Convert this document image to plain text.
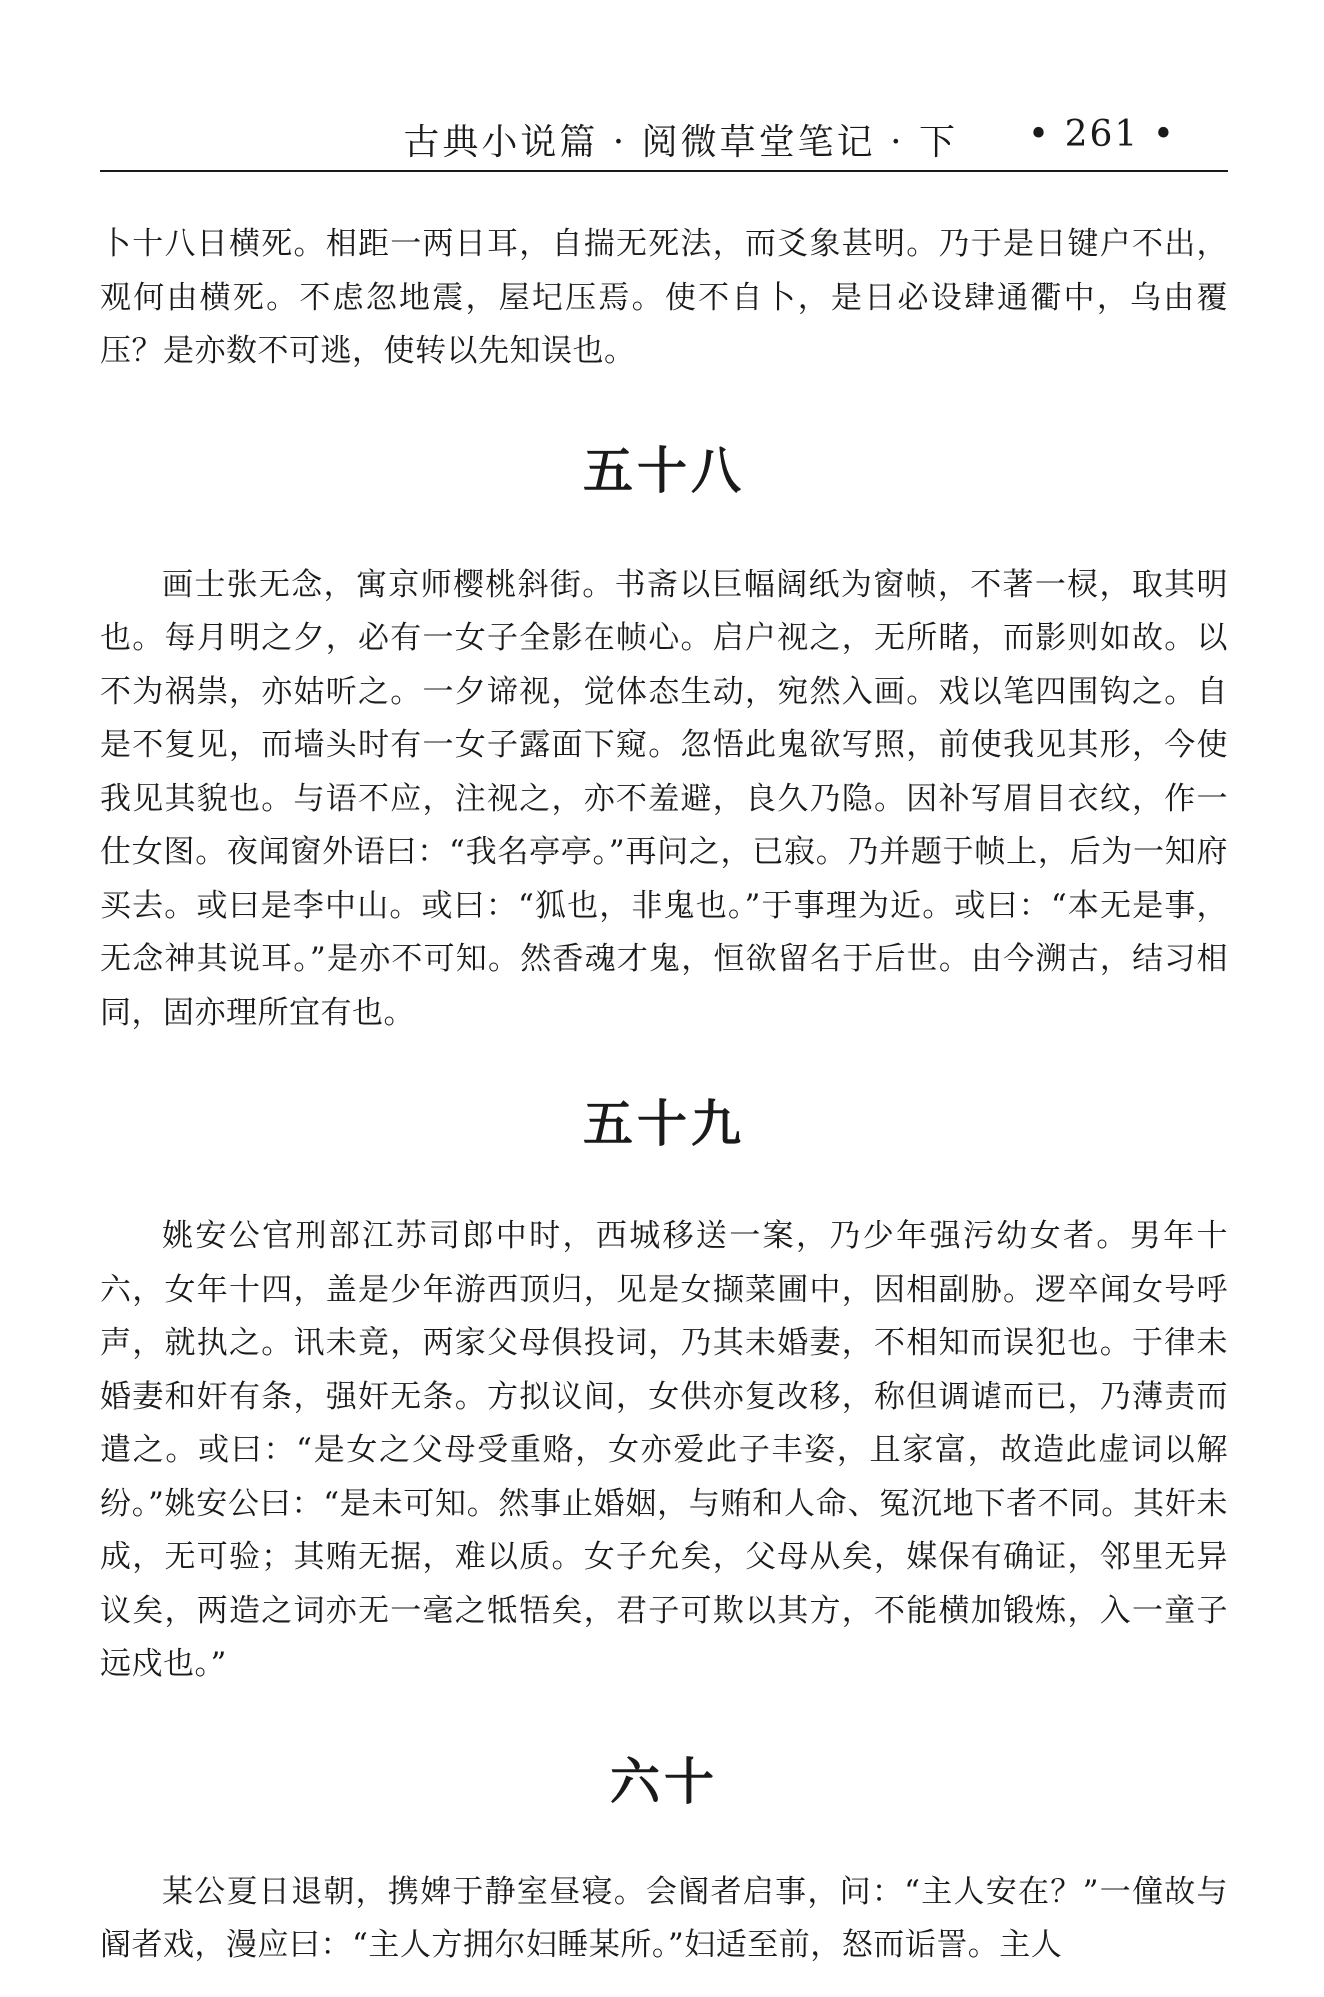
古典小说篇 · 阅微草堂笔记 · 下 • 261 •

卜十八日横死。相距一两日耳，自揣无死法，而爻象甚明。乃于是日键户不出，观何由横死。不虑忽地震，屋圮压焉。使不自卜，是日必设肆通衢中，乌由覆压？是亦数不可逃，使转以先知误也。

五十八

画士张无念，寓京师樱桃斜街。书斋以巨幅阔纸为窗帧，不著一棂，取其明也。每月明之夕，必有一女子全影在帧心。启户视之，无所睹，而影则如故。以不为祸祟，亦姑听之。一夕谛视，觉体态生动，宛然入画。戏以笔四围钩之。自是不复见，而墙头时有一女子露面下窥。忽悟此鬼欲写照，前使我见其形，今使我见其貌也。与语不应，注视之，亦不羞避，良久乃隐。因补写眉目衣纹，作一仕女图。夜闻窗外语曰：“我名亭亭。”再问之，已寂。乃并题于帧上，后为一知府买去。或曰是李中山。或曰：“狐也，非鬼也。”于事理为近。或曰：“本无是事，无念神其说耳。”是亦不可知。然香魂才鬼，恒欲留名于后世。由今溯古，结习相同，固亦理所宜有也。

五十九

姚安公官刑部江苏司郎中时，西城移送一案，乃少年强污幼女者。男年十六，女年十四，盖是少年游西顶归，见是女撷菜圃中，因相副胁。逻卒闻女号呼声，就执之。讯未竟，两家父母俱投词，乃其未婚妻，不相知而误犯也。于律未婚妻和奸有条，强奸无条。方拟议间，女供亦复改移，称但调谑而已，乃薄责而遣之。或曰：“是女之父母受重赂，女亦爱此子丰姿，且家富，故造此虚词以解纷。”姚安公曰：“是未可知。然事止婚姻，与贿和人命、冤沉地下者不同。其奸未成，无可验；其贿无据，难以质。女子允矣，父母从矣，媒保有确证，邻里无异议矣，两造之词亦无一毫之牴牾矣，君子可欺以其方，不能横加锻炼，入一童子远戍也。”

六十

某公夏日退朝，携婢于静室昼寝。会阍者启事，问：“主人安在？”一僮故与阍者戏，漫应曰：“主人方拥尔妇睡某所。”妇适至前，怒而诟詈。主人
